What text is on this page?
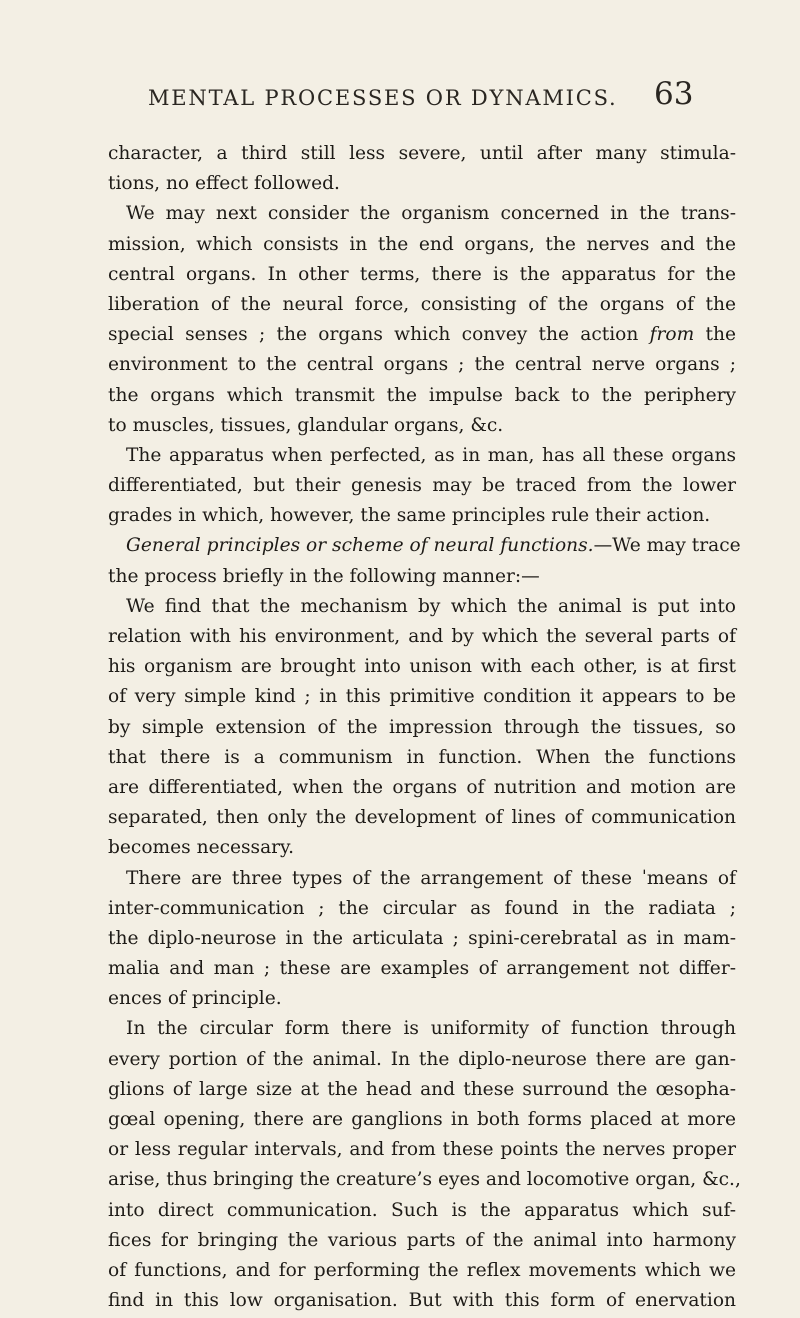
MENTAL PROCESSES OR DYNAMICS. 63
character, a third still less severe, until after many stimula-
tions, no effect followed.
We may next consider the organism concerned in the trans-
mission, which consists in the end organs, the nerves and the
central organs. In other terms, there is the apparatus for the
liberation of the neural force, consisting of the organs of the
special senses ; the organs which convey the action from the
environment to the central organs ; the central nerve organs ;
the organs which transmit the impulse back to the periphery
to muscles, tissues, glandular organs, &c.
The apparatus when perfected, as in man, has all these organs
differentiated, but their genesis may be traced from the lower
grades in which, however, the same principles rule their action.
General principles or scheme of neural functions.—We may trace
the process briefly in the following manner:—
We find that the mechanism by which the animal is put into
relation with his environment, and by which the several parts of
his organism are brought into unison with each other, is at first
of very simple kind ; in this primitive condition it appears to be
by simple extension of the impression through the tissues, so
that there is a communism in function. When the functions
are differentiated, when the organs of nutrition and motion are
separated, then only the development of lines of communication
becomes necessary.
There are three types of the arrangement of these ˈmeans of
inter-communication ; the circular as found in the radiata ;
the diplo-neurose in the articulata ; spini-cerebratal as in mam-
malia and man ; these are examples of arrangement not differ-
ences of principle.
In the circular form there is uniformity of function through
every portion of the animal. In the diplo-neurose there are gan-
glions of large size at the head and these surround the œsopha-
gœal opening, there are ganglions in both forms placed at more
or less regular intervals, and from these points the nerves proper
arise, thus bringing the creature’s eyes and locomotive organ, &c.,
into direct communication. Such is the apparatus which suf-
fices for bringing the various parts of the animal into harmony
of functions, and for performing the reflex movements which we
find in this low organisation. But with this form of enervation
